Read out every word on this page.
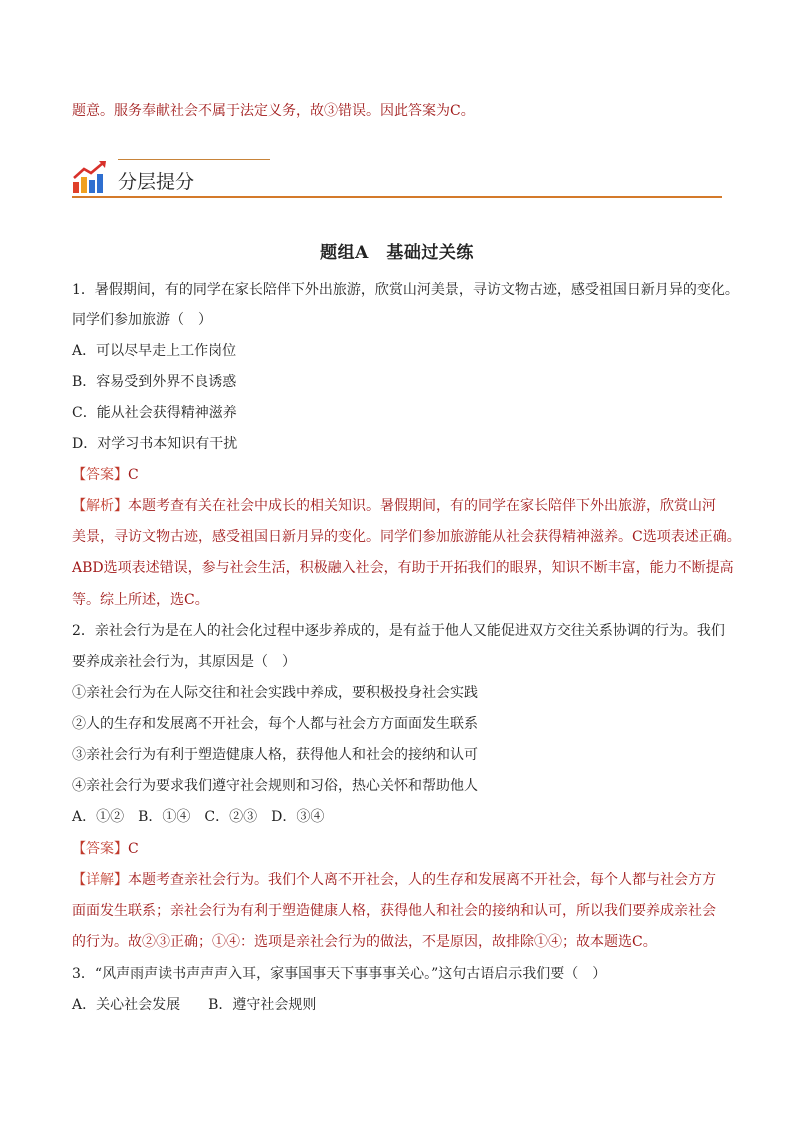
题意。服务奉献社会不属于法定义务，故③错误。因此答案为C。
分层提分
题组A　基础过关练
1．暑假期间，有的同学在家长陪伴下外出旅游，欣赏山河美景，寻访文物古迹，感受祖国日新月异的变化。
同学们参加旅游（　）
A．可以尽早走上工作岗位
B．容易受到外界不良诱惑
C．能从社会获得精神滋养
D．对学习书本知识有干扰
【答案】C
【解析】本题考查有关在社会中成长的相关知识。暑假期间，有的同学在家长陪伴下外出旅游，欣赏山河
美景，寻访文物古迹，感受祖国日新月异的变化。同学们参加旅游能从社会获得精神滋养。C选项表述正确。
ABD选项表述错误，参与社会生活，积极融入社会，有助于开拓我们的眼界，知识不断丰富，能力不断提高
等。综上所述，选C。
2．亲社会行为是在人的社会化过程中逐步养成的，是有益于他人又能促进双方交往关系协调的行为。我们
要养成亲社会行为，其原因是（　）
①亲社会行为在人际交往和社会实践中养成，要积极投身社会实践
②人的生存和发展离不开社会，每个人都与社会方方面面发生联系
③亲社会行为有利于塑造健康人格，获得他人和社会的接纳和认可
④亲社会行为要求我们遵守社会规则和习俗，热心关怀和帮助他人
A．①②　B．①④　C．②③　D．③④
【答案】C
【详解】本题考查亲社会行为。我们个人离不开社会，人的生存和发展离不开社会，每个人都与社会方方
面面发生联系；亲社会行为有利于塑造健康人格，获得他人和社会的接纳和认可，所以我们要养成亲社会
的行为。故②③正确；①④：选项是亲社会行为的做法，不是原因，故排除①④；故本题选C。
3．“风声雨声读书声声声入耳，家事国事天下事事事关心。”这句古语启示我们要（　）
A．关心社会发展　　B．遵守社会规则
